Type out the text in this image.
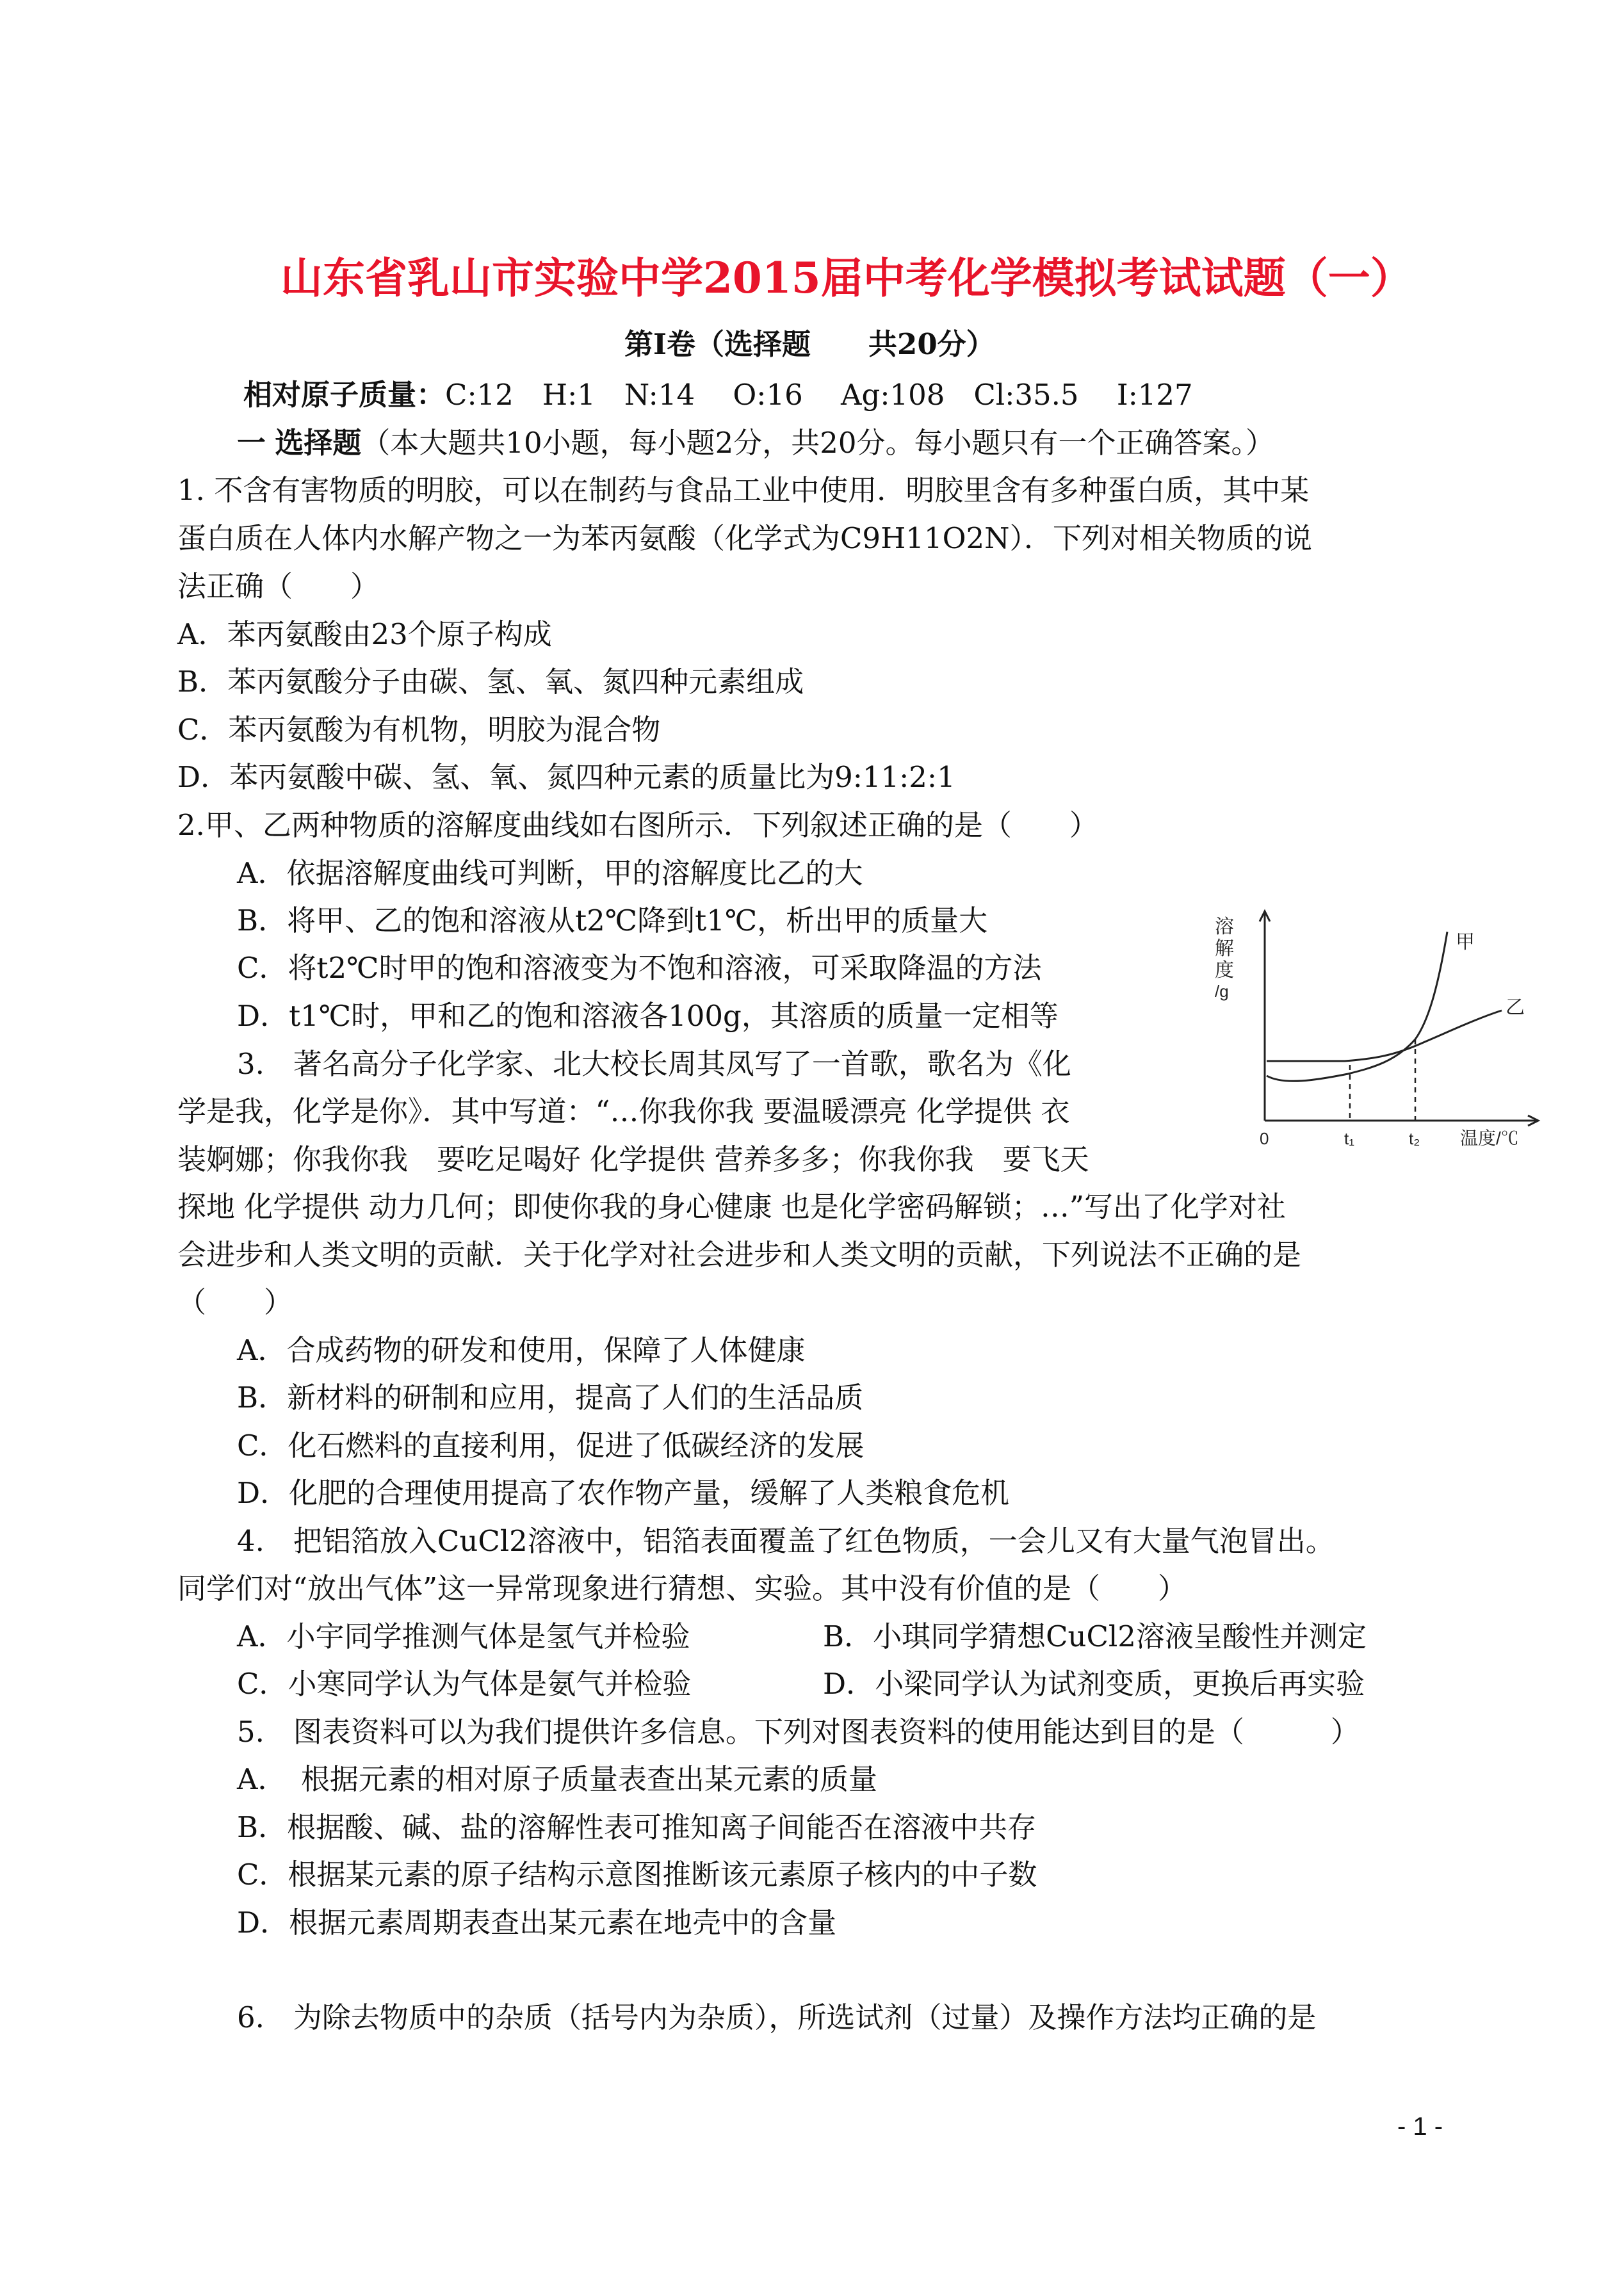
山东省乳山市实验中学2015届中考化学模拟考试试题（一）
第Ⅰ卷（选择题　　共20分）
相对原子质量：C:12　H:1　N:14　 O:16　 Ag:108　Cl:35.5　 I:127
一 选择题（本大题共10小题，每小题2分，共20分。每小题只有一个正确答案。）
1. 不含有害物质的明胶，可以在制药与食品工业中使用．明胶里含有多种蛋白质，其中某
蛋白质在人体内水解产物之一为苯丙氨酸（化学式为C9H11O2N）．下列对相关物质的说
法正确（　　）
A．苯丙氨酸由23个原子构成
B．苯丙氨酸分子由碳、氢、氧、氮四种元素组成
C．苯丙氨酸为有机物，明胶为混合物
D．苯丙氨酸中碳、氢、氧、氮四种元素的质量比为9:11:2:1
2.甲、乙两种物质的溶解度曲线如右图所示．下列叙述正确的是（　　）
A．依据溶解度曲线可判断，甲的溶解度比乙的大
B．将甲、乙的饱和溶液从t2℃降到t1℃，析出甲的质量大
C．将t2℃时甲的饱和溶液变为不饱和溶液，可采取降温的方法
D．t1℃时，甲和乙的饱和溶液各100g，其溶质的质量一定相等
溶
解
度
/g
甲
乙
0	t₁	t₂ 温度/℃
3.　著名高分子化学家、北大校长周其凤写了一首歌，歌名为《化
学是我，化学是你》．其中写道：“…你我你我 要温暖漂亮 化学提供 衣
装婀娜；你我你我　要吃足喝好 化学提供 营养多多；你我你我　要飞天
探地 化学提供 动力几何；即使你我的身心健康 也是化学密码解锁；…”写出了化学对社
会进步和人类文明的贡献．关于化学对社会进步和人类文明的贡献，下列说法不正确的是
（　　）
A．合成药物的研发和使用，保障了人体健康
B．新材料的研制和应用，提高了人们的生活品质
C．化石燃料的直接利用，促进了低碳经济的发展
D．化肥的合理使用提高了农作物产量，缓解了人类粮食危机
4.　把铝箔放入CuCl2溶液中，铝箔表面覆盖了红色物质，一会儿又有大量气泡冒出。
同学们对“放出气体”这一异常现象进行猜想、实验。其中没有价值的是（　　）
A．小宇同学推测气体是氢气并检验	B．小琪同学猜想CuCl2溶液呈酸性并测定
C．小寒同学认为气体是氨气并检验	D．小梁同学认为试剂变质，更换后再实验
5.　图表资料可以为我们提供许多信息。下列对图表资料的使用能达到目的是（　　　）
A．　根据元素的相对原子质量表查出某元素的质量
B．根据酸、碱、盐的溶解性表可推知离子间能否在溶液中共存
C．根据某元素的原子结构示意图推断该元素原子核内的中子数
D．根据元素周期表查出某元素在地壳中的含量
6.　为除去物质中的杂质（括号内为杂质），所选试剂（过量）及操作方法均正确的是
- 1 -
